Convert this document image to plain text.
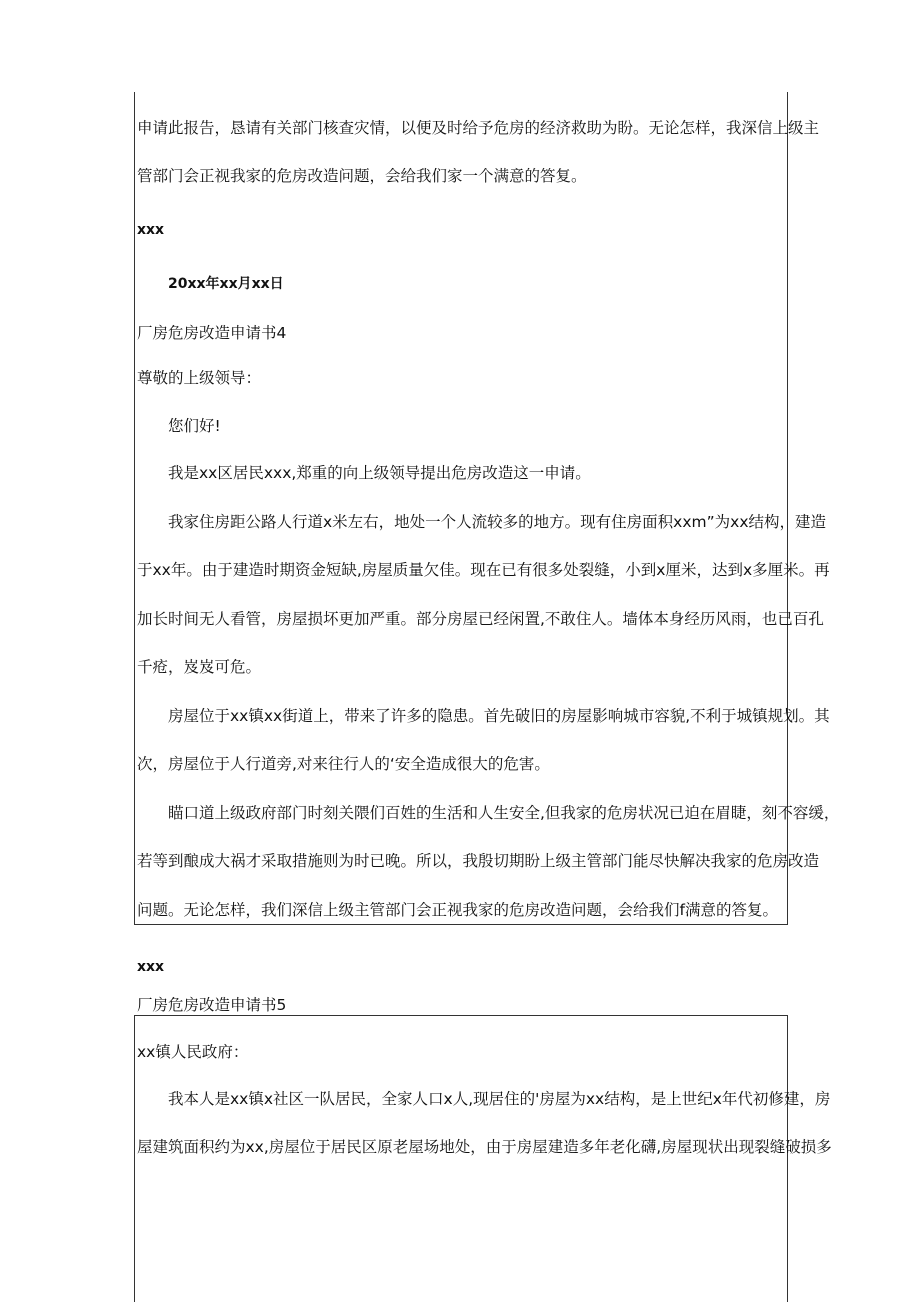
申请此报告，恳请有关部门核查灾情，以便及时给予危房的经济救助为盼。无论怎样，我深信上级主
管部门会正视我家的危房改造问题，会给我们家一个满意的答复。
xxx
20xx年xx月xx日
厂房危房改造申请书4
尊敬的上级领导：
您们好!
我是xx区居民xxx,郑重的向上级领导提出危房改造这一申请。
我家住房距公路人行道x米左右，地处一个人流较多的地方。现有住房面积xxm”为xx结构，建造
于xx年。由于建造时期资金短缺,房屋质量欠佳。现在已有很多处裂缝，小到x厘米，达到x多厘米。再
加长时间无人看管，房屋损坏更加严重。部分房屋已经闲置,不敢住人。墙体本身经历风雨，也已百孔
千疮，岌岌可危。
房屋位于xx镇xx街道上，带来了许多的隐患。首先破旧的房屋影响城市容貌,不利于城镇规划。其
次，房屋位于人行道旁,对来往行人的‘安全造成很大的危害。
瞄口道上级政府部门时刻关隈们百姓的生活和人生安全,但我家的危房状况已迫在眉睫，刻不容缓，
若等到酿成大祸才采取措施则为时已晚。所以，我殷切期盼上级主管部门能尽快解决我家的危房改造
问题。无论怎样，我们深信上级主管部门会正视我家的危房改造问题，会给我们f满意的答复。
xxx
厂房危房改造申请书5
xx镇人民政府：
我本人是xx镇x社区一队居民，全家人口x人,现居住的'房屋为xx结构，是上世纪x年代初修建，房
屋建筑面积约为xx,房屋位于居民区原老屋场地处，由于房屋建造多年老化礴,房屋现状出现裂缝破损多
